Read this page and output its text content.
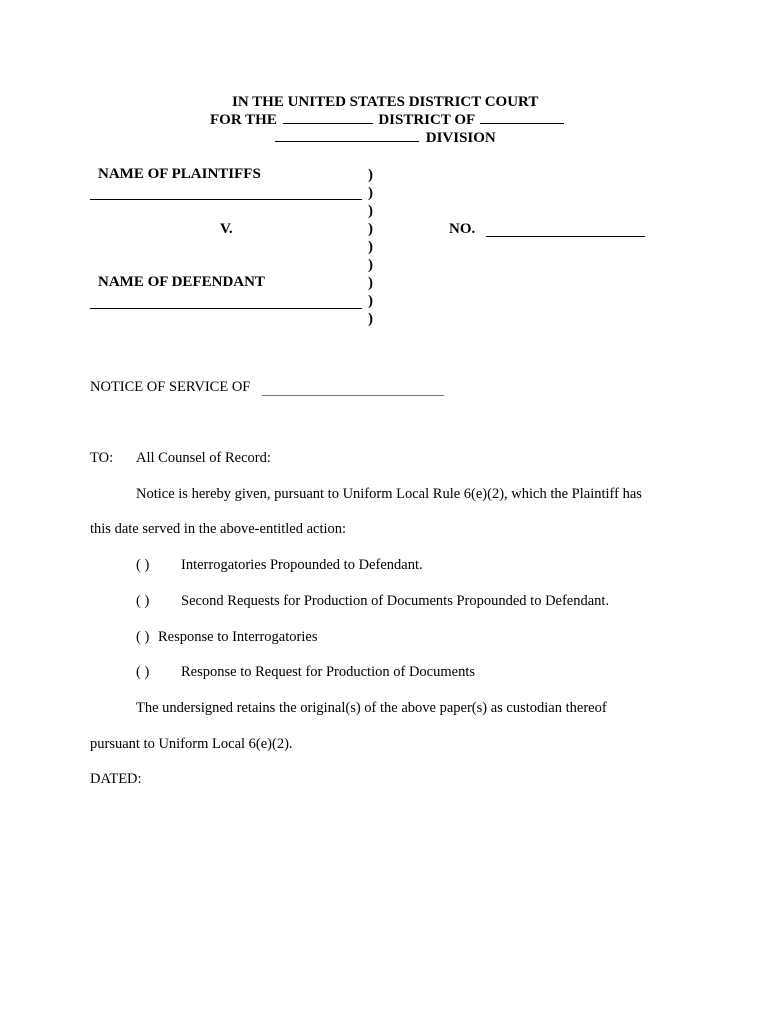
IN THE UNITED STATES DISTRICT COURT
FOR THE	DISTRICT OF
DIVISION
NAME OF PLAINTIFFS
V.
NAME OF DEFENDANT
)
)
)
)
)
)
)
)
)
NO.
NOTICE OF SERVICE OF
TO: All Counsel of Record:
Notice is hereby given, pursuant to Uniform Local Rule 6(e)(2), which the Plaintiff has
this date served in the above-entitled action:
( ) Interrogatories Propounded to Defendant.
( ) Second Requests for Production of Documents Propounded to Defendant.
( ) Response to Interrogatories
( ) Response to Request for Production of Documents
The undersigned retains the original(s) of the above paper(s) as custodian thereof
pursuant to Uniform Local 6(e)(2).
DATED:
